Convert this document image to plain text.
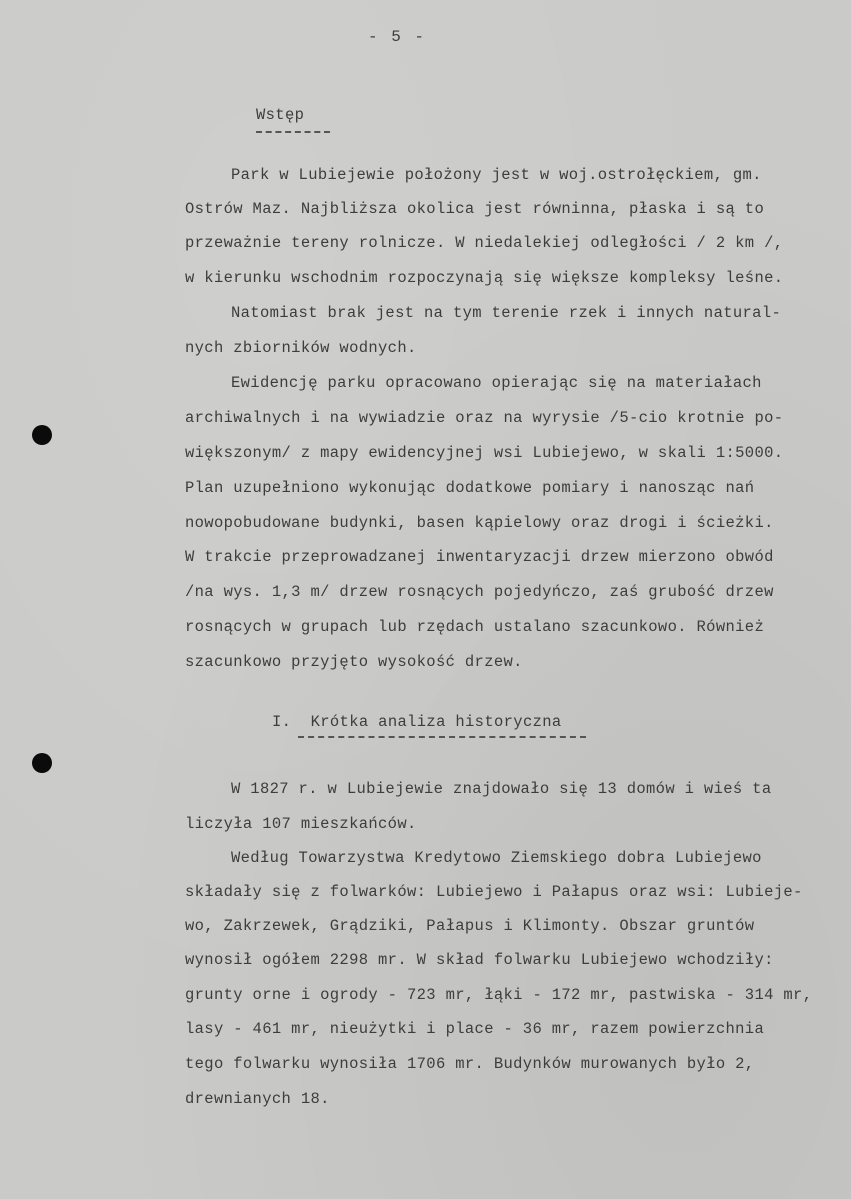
- 5 -
Wstęp
Park w Lubiejewie położony jest w woj.ostrołęckiem, gm.
Ostrów Maz. Najbliższa okolica jest równinna, płaska i są to
przeważnie tereny rolnicze. W niedalekiej odległości / 2 km /,
w kierunku wschodnim rozpoczynają się większe kompleksy leśne.
Natomiast brak jest na tym terenie rzek i innych natural-
nych zbiorników wodnych.
Ewidencję parku opracowano opierając się na materiałach
archiwalnych i na wywiadzie oraz na wyrysie /5-cio krotnie po-
większonym/ z mapy ewidencyjnej wsi Lubiejewo, w skali 1:5000.
Plan uzupełniono wykonując dodatkowe pomiary i nanosząc nań
nowopobudowane budynki, basen kąpielowy oraz drogi i ścieżki.
W trakcie przeprowadzanej inwentaryzacji drzew mierzono obwód
/na wys. 1,3 m/ drzew rosnących pojedyńczo, zaś grubość drzew
rosnących w grupach lub rzędach ustalano szacunkowo. Również
szacunkowo przyjęto wysokość drzew.
I.  Krótka analiza historyczna
W 1827 r. w Lubiejewie znajdowało się 13 domów i wieś ta
liczyła 107 mieszkańców.
Według Towarzystwa Kredytowo Ziemskiego dobra Lubiejewo
składały się z folwarków: Lubiejewo i Pałapus oraz wsi: Lubieje-
wo, Zakrzewek, Grądziki, Pałapus i Klimonty. Obszar gruntów
wynosił ogółem 2298 mr. W skład folwarku Lubiejewo wchodziły:
grunty orne i ogrody - 723 mr, łąki - 172 mr, pastwiska - 314 mr,
lasy - 461 mr, nieużytki i place - 36 mr, razem powierzchnia
tego folwarku wynosiła 1706 mr. Budynków murowanych było 2,
drewnianych 18.
